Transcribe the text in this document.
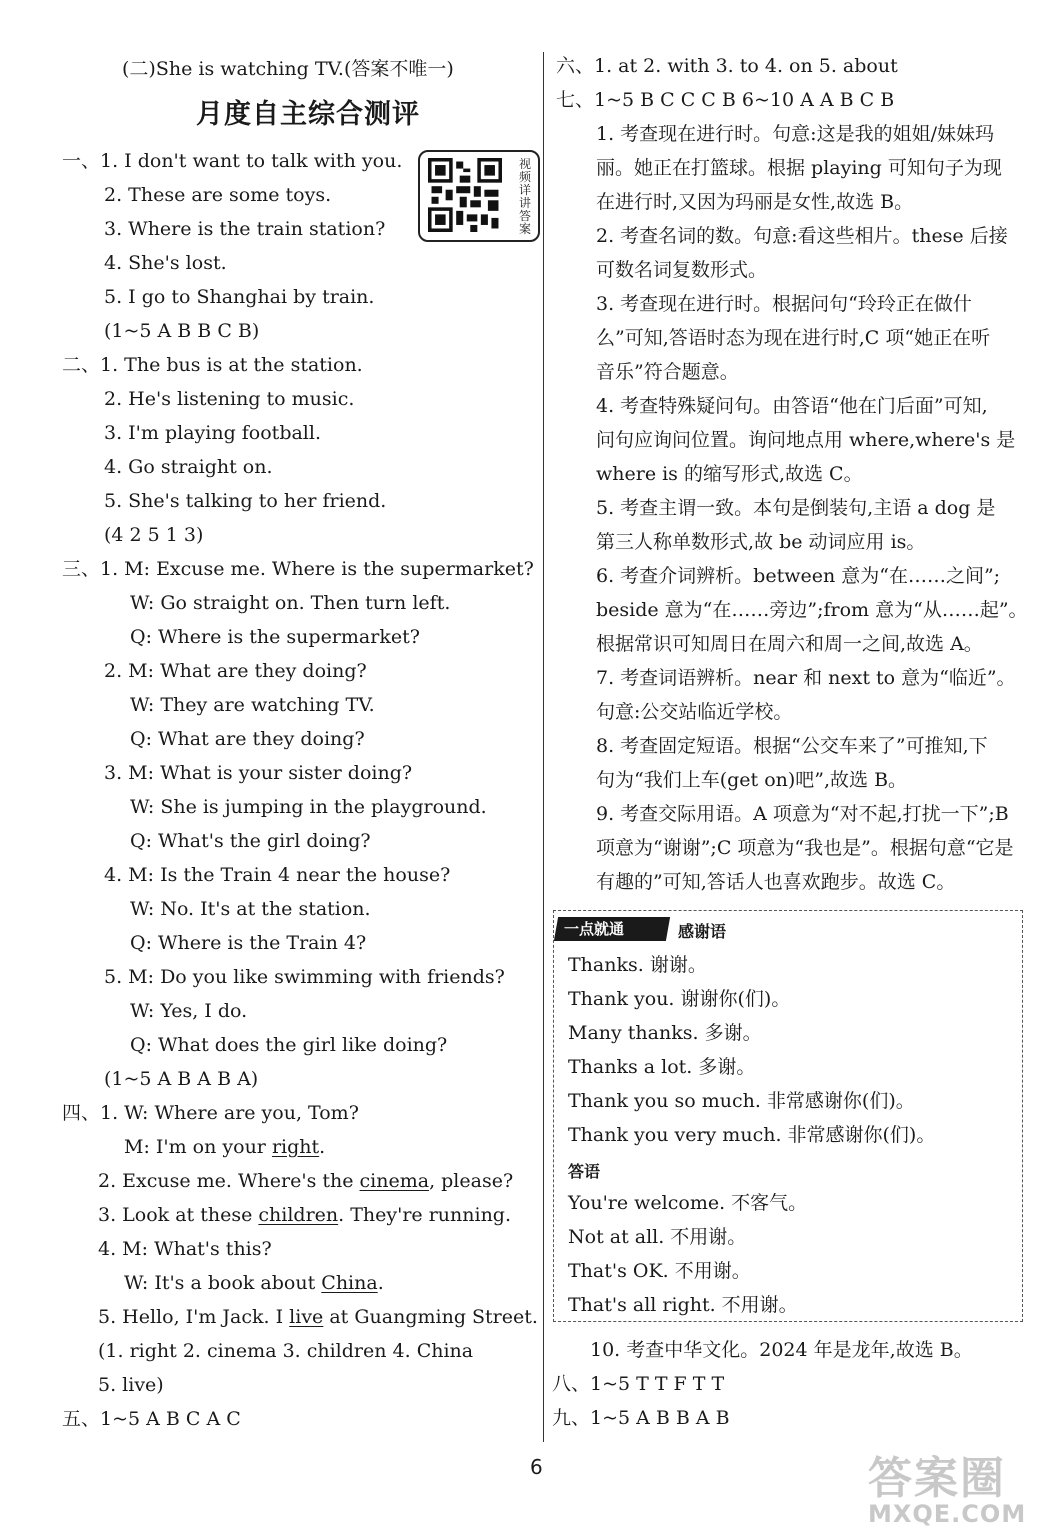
(二)She is watching TV.(答案不唯一)
月度自主综合测评
视频详讲答案
一、1. I don't want to talk with you.
2. These are some toys.
3. Where is the train station?
4. She's lost.
5. I go to Shanghai by train.
(1~5 A B B C B)
二、1. The bus is at the station.
2. He's listening to music.
3. I'm playing football.
4. Go straight on.
5. She's talking to her friend.
(4 2 5 1 3)
三、1. M: Excuse me. Where is the supermarket?
W: Go straight on. Then turn left.
Q: Where is the supermarket?
2. M: What are they doing?
W: They are watching TV.
Q: What are they doing?
3. M: What is your sister doing?
W: She is jumping in the playground.
Q: What's the girl doing?
4. M: Is the Train 4 near the house?
W: No. It's at the station.
Q: Where is the Train 4?
5. M: Do you like swimming with friends?
W: Yes, I do.
Q: What does the girl like doing?
(1~5 A B A B A)
四、1. W: Where are you, Tom?
M: I'm on your right.
2. Excuse me. Where's the cinema, please?
3. Look at these children. They're running.
4. M: What's this?
W: It's a book about China.
5. Hello, I'm Jack. I live at Guangming Street.
(1. right 2. cinema 3. children 4. China
5. live)
五、1~5 A B C A C
六、1. at 2. with 3. to 4. on 5. about
七、1~5 B C C C B 6~10 A A B C B
1. 考查现在进行时。句意:这是我的姐姐/妹妹玛
丽。她正在打篮球。根据 playing 可知句子为现
在进行时,又因为玛丽是女性,故选 B。
2. 考查名词的数。句意:看这些相片。these 后接
可数名词复数形式。
3. 考查现在进行时。根据问句“玲玲正在做什
么”可知,答语时态为现在进行时,C 项“她正在听
音乐”符合题意。
4. 考查特殊疑问句。由答语“他在门后面”可知,
问句应询问位置。询问地点用 where,where's 是
where is 的缩写形式,故选 C。
5. 考查主谓一致。本句是倒装句,主语 a dog 是
第三人称单数形式,故 be 动词应用 is。
6. 考查介词辨析。between 意为“在……之间”;
beside 意为“在……旁边”;from 意为“从……起”。
根据常识可知周日在周六和周一之间,故选 A。
7. 考查词语辨析。near 和 next to 意为“临近”。
句意:公交站临近学校。
8. 考查固定短语。根据“公交车来了”可推知,下
句为“我们上车(get on)吧”,故选 B。
9. 考查交际用语。A 项意为“对不起,打扰一下”;B
项意为“谢谢”;C 项意为“我也是”。根据句意“它是
有趣的”可知,答话人也喜欢跑步。故选 C。
一点就通	感谢语
Thanks. 谢谢。
Thank you. 谢谢你(们)。
Many thanks. 多谢。
Thanks a lot. 多谢。
Thank you so much. 非常感谢你(们)。
Thank you very much. 非常感谢你(们)。
答语
You're welcome. 不客气。
Not at all. 不用谢。
That's OK. 不用谢。
That's all right. 不用谢。
10. 考查中华文化。2024 年是龙年,故选 B。
八、1~5 T T F T T
九、1~5 A B B A B
6	答案圈
MXQE.COM
